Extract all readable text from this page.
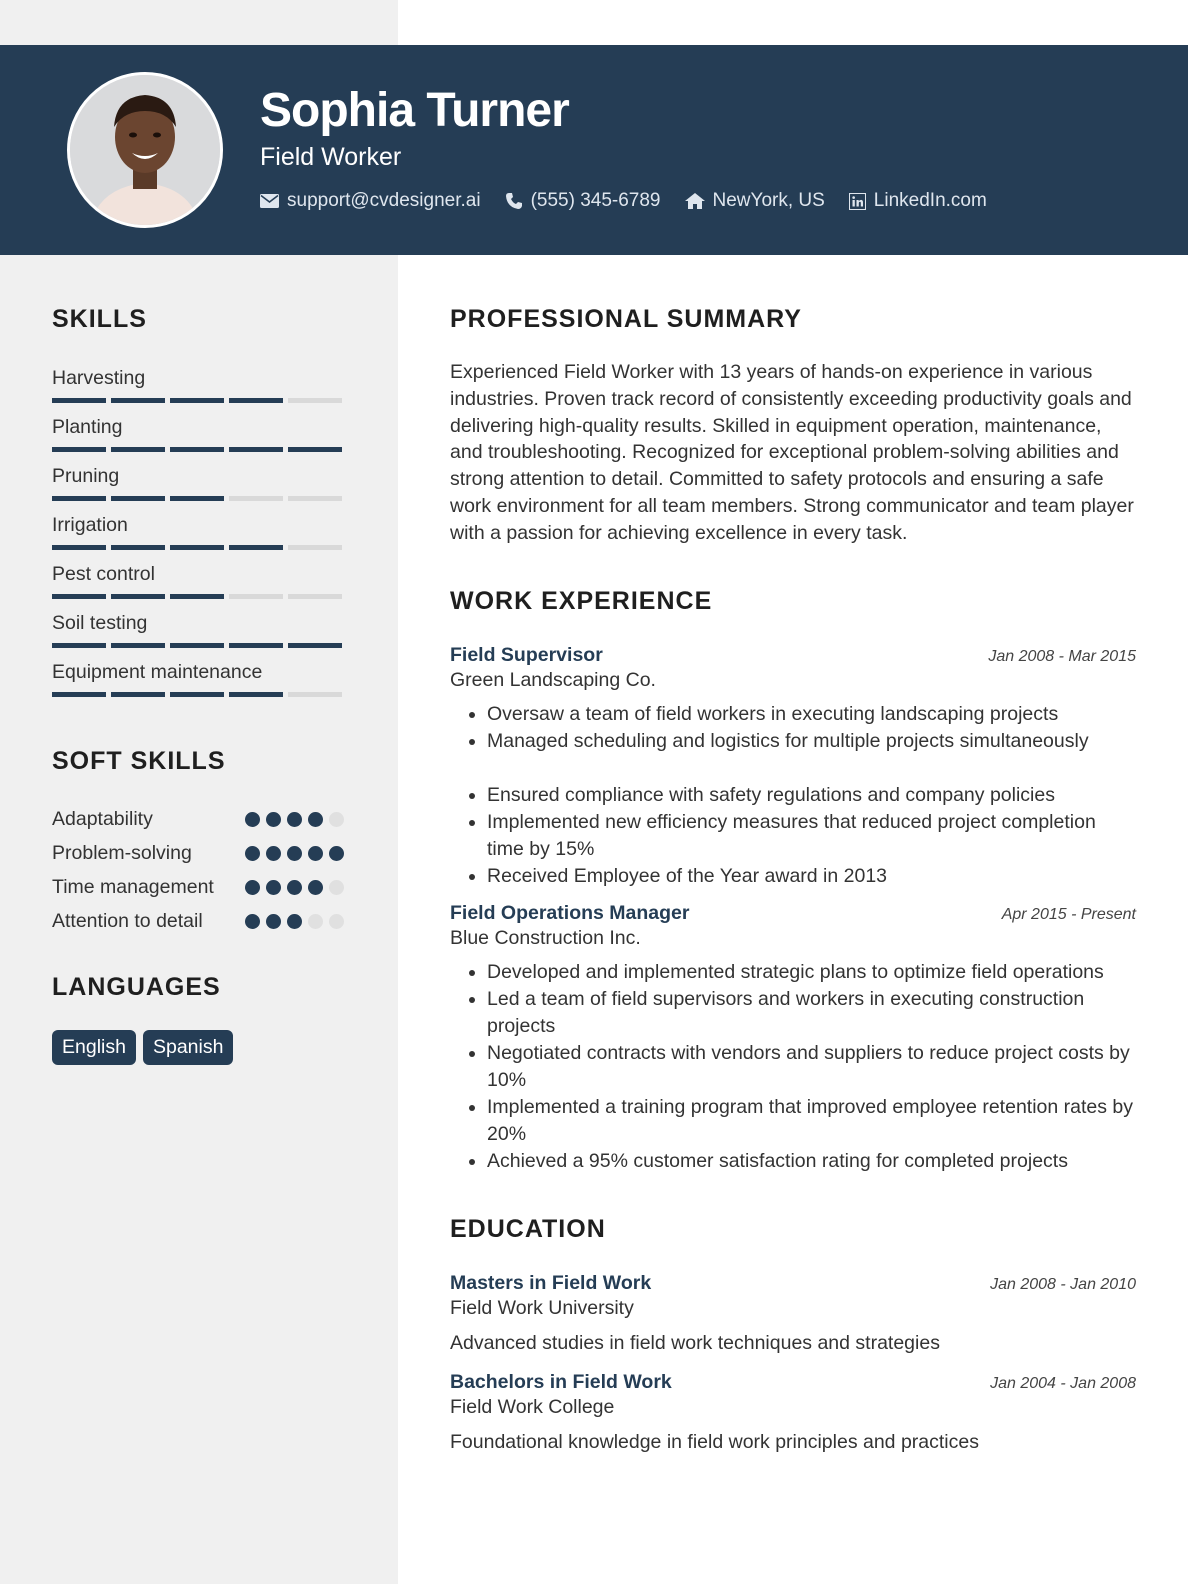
Sophia Turner
Field Worker
support@cvdesigner.ai	(555) 345-6789	NewYork, US	LinkedIn.com
SKILLS
Harvesting
Planting
Pruning
Irrigation
Pest control
Soil testing
Equipment maintenance
SOFT SKILLS
Adaptability
Problem-solving
Time management
Attention to detail
LANGUAGES
English	Spanish
PROFESSIONAL SUMMARY
Experienced Field Worker with 13 years of hands-on experience in various industries. Proven track record of consistently exceeding productivity goals and delivering high-quality results. Skilled in equipment operation, maintenance, and troubleshooting. Recognized for exceptional problem-solving abilities and strong attention to detail. Committed to safety protocols and ensuring a safe work environment for all team members. Strong communicator and team player with a passion for achieving excellence in every task.
WORK EXPERIENCE
Field Supervisor	Jan 2008 - Mar 2015
Green Landscaping Co.
• Oversaw a team of field workers in executing landscaping projects
• Managed scheduling and logistics for multiple projects simultaneously
• Ensured compliance with safety regulations and company policies
• Implemented new efficiency measures that reduced project completion time by 15%
• Received Employee of the Year award in 2013
Field Operations Manager	Apr 2015 - Present
Blue Construction Inc.
• Developed and implemented strategic plans to optimize field operations
• Led a team of field supervisors and workers in executing construction projects
• Negotiated contracts with vendors and suppliers to reduce project costs by 10%
• Implemented a training program that improved employee retention rates by 20%
• Achieved a 95% customer satisfaction rating for completed projects
EDUCATION
Masters in Field Work	Jan 2008 - Jan 2010
Field Work University
Advanced studies in field work techniques and strategies
Bachelors in Field Work	Jan 2004 - Jan 2008
Field Work College
Foundational knowledge in field work principles and practices
